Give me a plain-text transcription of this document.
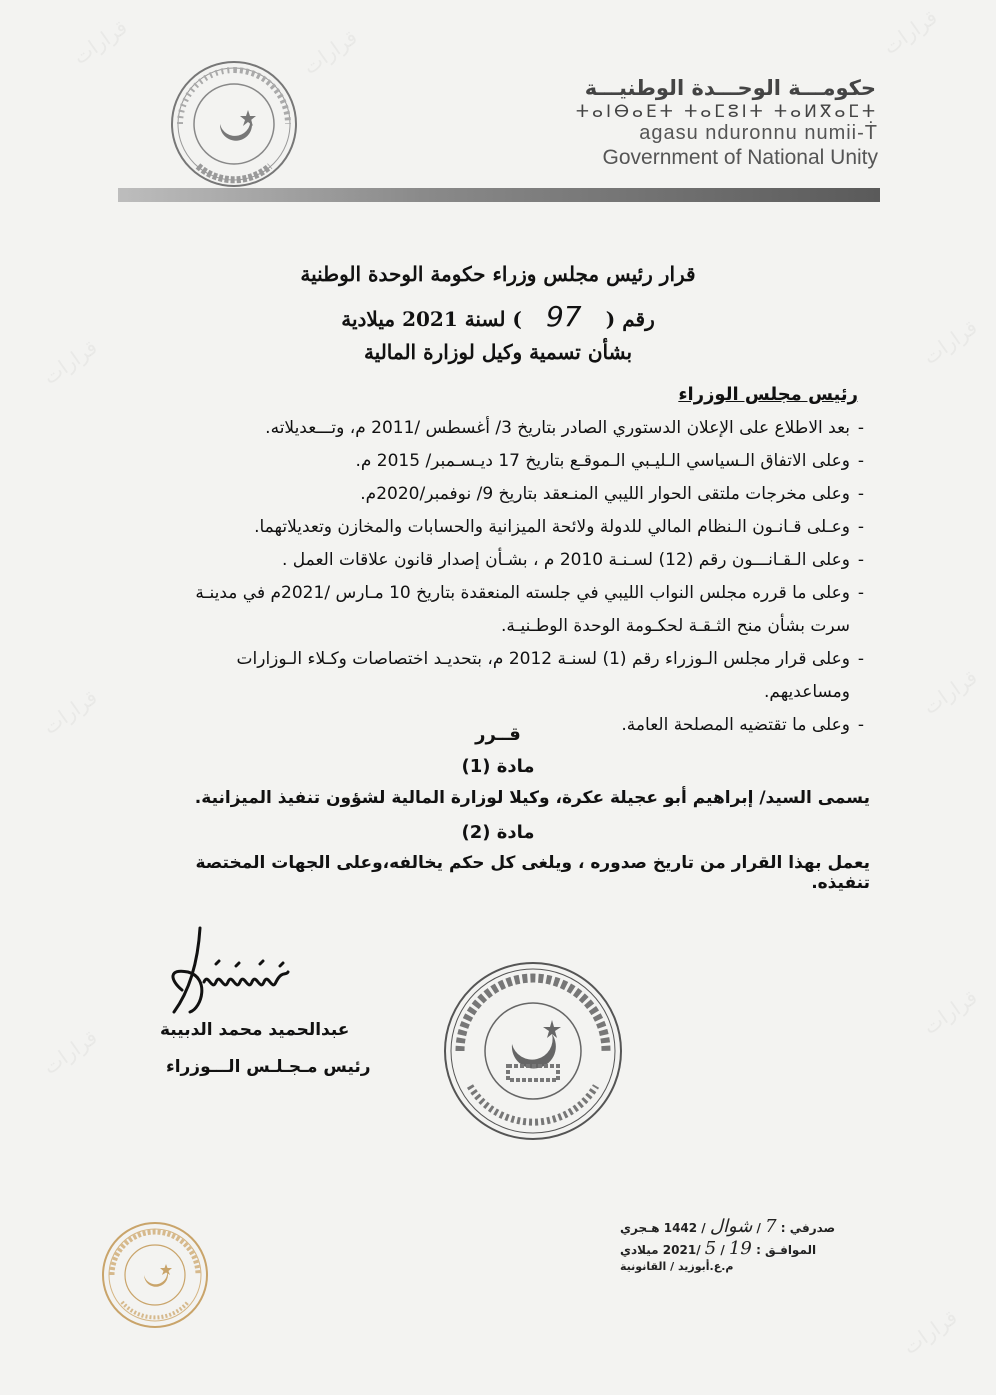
قرارات
قرارات	قرارات
قرارات
قرارات
قرارات
قرارات
قرارات
قرارات
قرارات
حكومـــة الوحـــدة الوطنيـــة
ⵜⴰⵏⴱⴰⴹⵜ ⵜⴰⵎⵓⵏⵜ ⵜⴰⵍⴳⴰⵎⵜ
agasu nduronnu numii-Ṫ
Government of National Unity
قرار رئيس مجلس وزراء حكومة الوحدة الوطنية
رقم ( 97 ) لسنة 2021 ميلادية
بشأن تسمية وكيل لوزارة المالية
رئيس مجلس الوزراء
-
بعد الاطلاع على الإعلان الدستوري الصادر بتاريخ 3/ أغسطس /2011 م، وتـــعديلاته.
-
وعلى الاتفاق الـسياسي الـليـبي الـموقـع بتاريخ 17 ديـسـمبر/ 2015 م.
-
وعلى مخرجات ملتقى الحوار الليبي المنـعقد بتاريخ 9/ نوفمبر/2020م.
-
وعـلى قـانـون الـنظام المالي للدولة ولائحة الميزانية والحسابات والمخازن وتعديلاتهما.
-
وعلى الـقـانـــون رقم (12) لسـنـة 2010 م ، بشـأن إصدار قانون علاقات العمل .
-
وعلى ما قرره مجلس النواب الليبي في جلسته المنعقدة بتاريخ 10 مـارس /2021م في مدينـة سرت بشأن منح الثـقـة لحكـومة الوحدة الوطـنيـة.
-
وعلى قرار مجلس الـوزراء رقم (1) لسنـة 2012 م، بتحديـد اختصاصات وكـلاء الـوزارات ومساعديهم.
-
وعلى ما تقتضيه المصلحة العامة.
قــرر
مادة (1)
يسمى السيد/ إبراهيم أبو عجيلة عكرة، وكيلا لوزارة المالية لشؤون تنفيذ الميزانية.
مادة (2)
يعمل بهذا القرار من تاريخ صدوره ، ويلغى كل حكم يخالفه،وعلى الجهات المختصة تنفيذه.
عبدالحميد محمد الدبيبة
رئيس مـجـلـس الـــوزراء
صدرفي : 7 / شوال / 1442 هـجري
الموافـق : 19 / 5 /2021 ميلادي
م.ع.أبوزيد / القانونية
